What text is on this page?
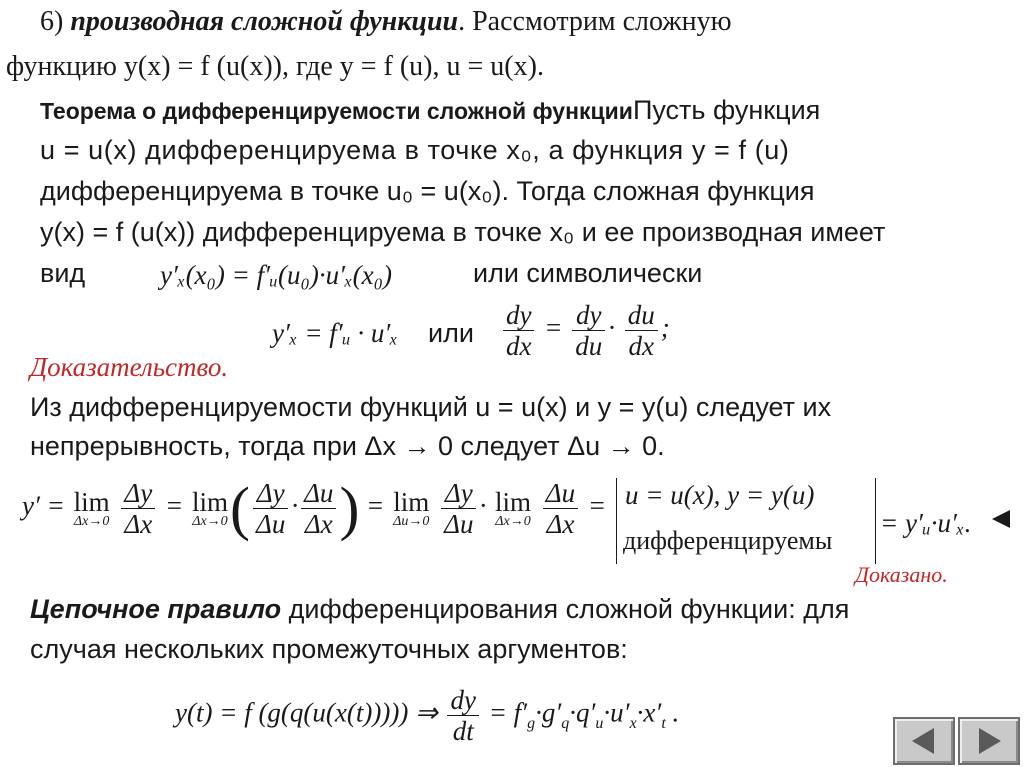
6) производная сложной функции. Рассмотрим сложную
функцию y(x) = f (u(x)), где y = f (u), u = u(x).
Теорема о дифференцируемости сложной функцииПусть функция
u = u(x) дифференцируема в точке x₀, а функция y = f (u)
дифференцируема в точке u₀ = u(x₀). Тогда сложная функция
y(x) = f (u(x)) дифференцируема в точке x₀ и ее производная имеет
вид	y′ₓ(x₀) = f′ᵤ(u₀)·u′ₓ(x₀)	или символически
y′ₓ = f′ᵤ · u′ₓ или $\frac{dy}{dx} = \frac{dy}{du} \cdot \frac{du}{dx}$ ;
Доказательство.
Из дифференцируемости функций u = u(x) и y = y(u) следует их
непрерывность, тогда при Δx → 0 следует Δu → 0.
y′ = lim
Δx→0
$\frac{\Delta y}{\Delta x} = \lim$
Δx→0 ( $\frac{\Delta y}{\Delta u} \cdot \frac{\Delta u}{\Delta x}$ ) = lim
Δu→0
$\frac{\Delta y}{\Delta u} \cdot \lim$
Δx→0
$\frac{\Delta u}{\Delta x} = u = u(x)$, y = y(u)
дифференцируемы
= y′ᵤ·u′ₓ.
Доказано.
Цепочное правило дифференцирования сложной функции: для
случая нескольких промежуточных аргументов:
y(t) = f (g(q(u(x(t))))) ⇒ $\frac{dy}{dt} = f'_g\cdot g'_q\cdot q'_u\cdot u'_x\cdot x'_t$ .
